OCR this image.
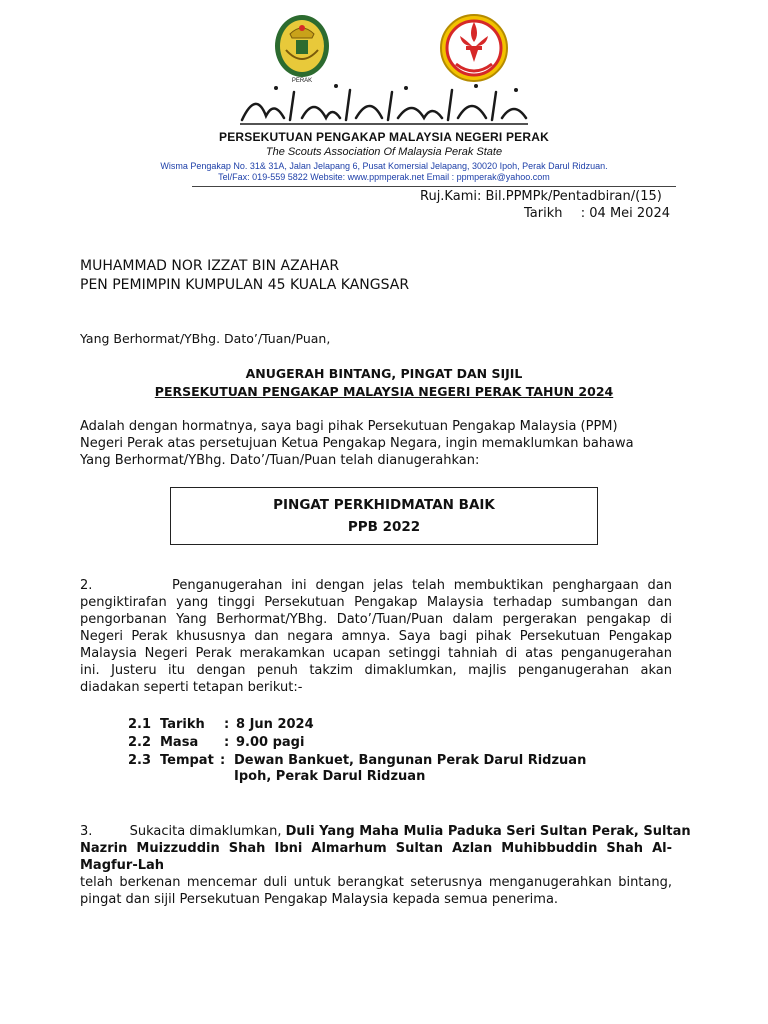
PERAK
PERSEKUTUAN PENGAKAP MALAYSIA NEGERI PERAK
The Scouts Association Of Malaysia Perak State
Wisma Pengakap No. 31& 31A, Jalan Jelapang 6, Pusat Komersial Jelapang, 30020 Ipoh, Perak Darul Ridzuan.
Tel/Fax: 019-559 5822 Website: www.ppmperak.net Email : ppmperak@yahoo.com
Ruj.Kami: Bil.PPMPk/Pentadbiran/(15)
Tarikh : 04 Mei 2024
MUHAMMAD NOR IZZAT BIN AZAHAR
PEN PEMIMPIN KUMPULAN 45 KUALA KANGSAR
Yang Berhormat/YBhg. Dato’/Tuan/Puan,
ANUGERAH BINTANG, PINGAT DAN SIJIL
PERSEKUTUAN PENGAKAP MALAYSIA NEGERI PERAK TAHUN 2024
Adalah dengan hormatnya, saya bagi pihak Persekutuan Pengakap Malaysia (PPM)
Negeri Perak atas persetujuan Ketua Pengakap Negara, ingin memaklumkan bahawa
Yang Berhormat/YBhg. Dato’/Tuan/Puan telah dianugerahkan:
PINGAT PERKHIDMATAN BAIK
PPB 2022
2.         Penganugerahan ini dengan jelas telah membuktikan penghargaan dan
pengiktirafan yang tinggi Persekutuan Pengakap Malaysia terhadap sumbangan dan
pengorbanan Yang Berhormat/YBhg. Dato’/Tuan/Puan dalam pergerakan pengakap di
Negeri Perak khususnya dan negara amnya. Saya bagi pihak Persekutuan Pengakap
Malaysia Negeri Perak merakamkan ucapan setinggi tahniah di atas penganugerahan
ini. Justeru itu dengan penuh takzim dimaklumkan, majlis penganugerahan akan
diadakan seperti tetapan berikut:-
2.1 Tarikh : 8 Jun 2024
2.2 Masa : 9.00 pagi
2.3 Tempat : Dewan Bankuet, Bangunan Perak Darul Ridzuan
Ipoh, Perak Darul Ridzuan
3.         Sukacita dimaklumkan, Duli Yang Maha Mulia Paduka Seri Sultan Perak, Sultan
Nazrin Muizzuddin Shah Ibni Almarhum Sultan Azlan Muhibbuddin Shah Al-Magfur-Lah
telah berkenan mencemar duli untuk berangkat seterusnya menganugerahkan bintang,
pingat dan sijil Persekutuan Pengakap Malaysia kepada semua penerima.
